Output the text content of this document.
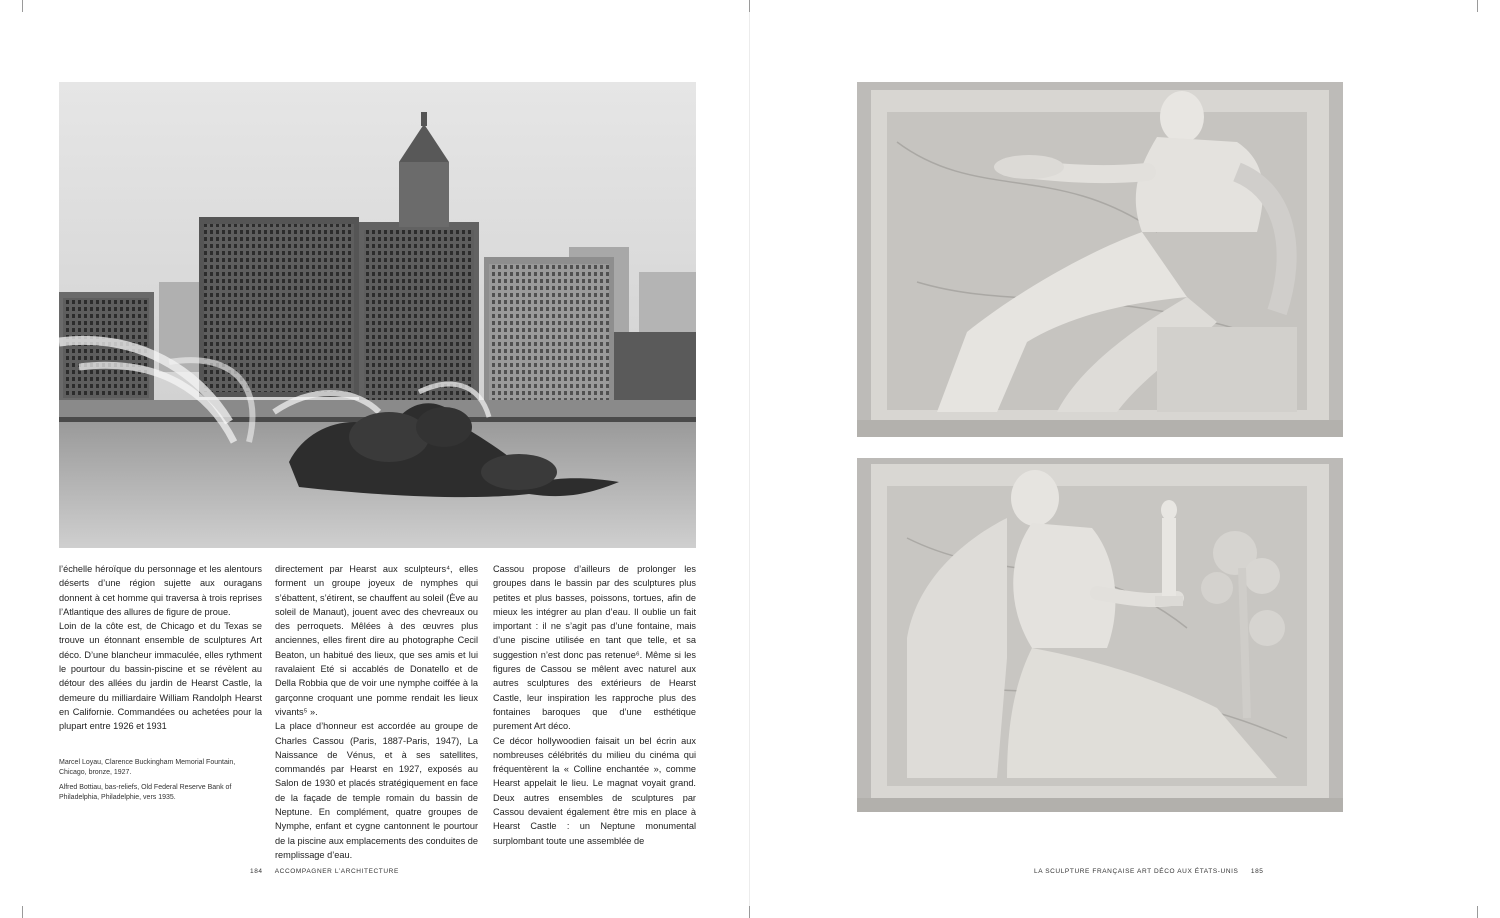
l’échelle héroïque du personnage et les alentours déserts d’une région sujette aux ouragans donnent à cet homme qui traversa à trois reprises l’Atlantique des allures de figure de proue.

Loin de la côte est, de Chicago et du Texas se trouve un étonnant ensemble de sculptures Art déco. D’une blancheur immaculée, elles rythment le pourtour du bassin-piscine et se révèlent au détour des allées du jardin de Hearst Castle, la demeure du milliardaire William Randolph Hearst en Californie. Commandées ou achetées pour la plupart entre 1926 et 1931

directement par Hearst aux sculpteurs⁴, elles forment un groupe joyeux de nymphes qui s’ébattent, s’étirent, se chauffent au soleil (Ève au soleil de Manaut), jouent avec des chevreaux ou des perroquets. Mêlées à des œuvres plus anciennes, elles firent dire au photographe Cecil Beaton, un habitué des lieux, que ses amis et lui ravalaient Eté si accablés de Donatello et de Della Robbia que de voir une nymphe coiffée à la garçonne croquant une pomme rendait les lieux vivants⁵ ».

La place d’honneur est accordée au groupe de Charles Cassou (Paris, 1887-Paris, 1947), La Naissance de Vénus, et à ses satellites, commandés par Hearst en 1927, exposés au Salon de 1930 et placés stratégiquement en face de la façade de temple romain du bassin de Neptune. En complément, quatre groupes de Nymphe, enfant et cygne cantonnent le pourtour de la piscine aux emplacements des conduites de remplissage d’eau.

Cassou propose d’ailleurs de prolonger les groupes dans le bassin par des sculptures plus petites et plus basses, poissons, tortues, afin de mieux les intégrer au plan d’eau. Il oublie un fait important : il ne s’agit pas d’une fontaine, mais d’une piscine utilisée en tant que telle, et sa suggestion n’est donc pas retenue⁶. Même si les figures de Cassou se mêlent avec naturel aux autres sculptures des extérieurs de Hearst Castle, leur inspiration les rapproche plus des fontaines baroques que d’une esthétique purement Art déco.

Ce décor hollywoodien faisait un bel écrin aux nombreuses célébrités du milieu du cinéma qui fréquentèrent la « Colline enchantée », comme Hearst appelait le lieu. Le magnat voyait grand. Deux autres ensembles de sculptures par Cassou devaient également être mis en place à Hearst Castle : un Neptune monumental surplombant toute une assemblée de

Marcel Loyau, Clarence Buckingham Memorial Fountain, Chicago, bronze, 1927.
Alfred Bottiau, bas-reliefs, Old Federal Reserve Bank of Philadelphia, Philadelphie, vers 1935.
184 ACCOMPAGNER L’ARCHITECTURE	LA SCULPTURE FRANÇAISE ART DÉCO AUX ÉTATS-UNIS 185
